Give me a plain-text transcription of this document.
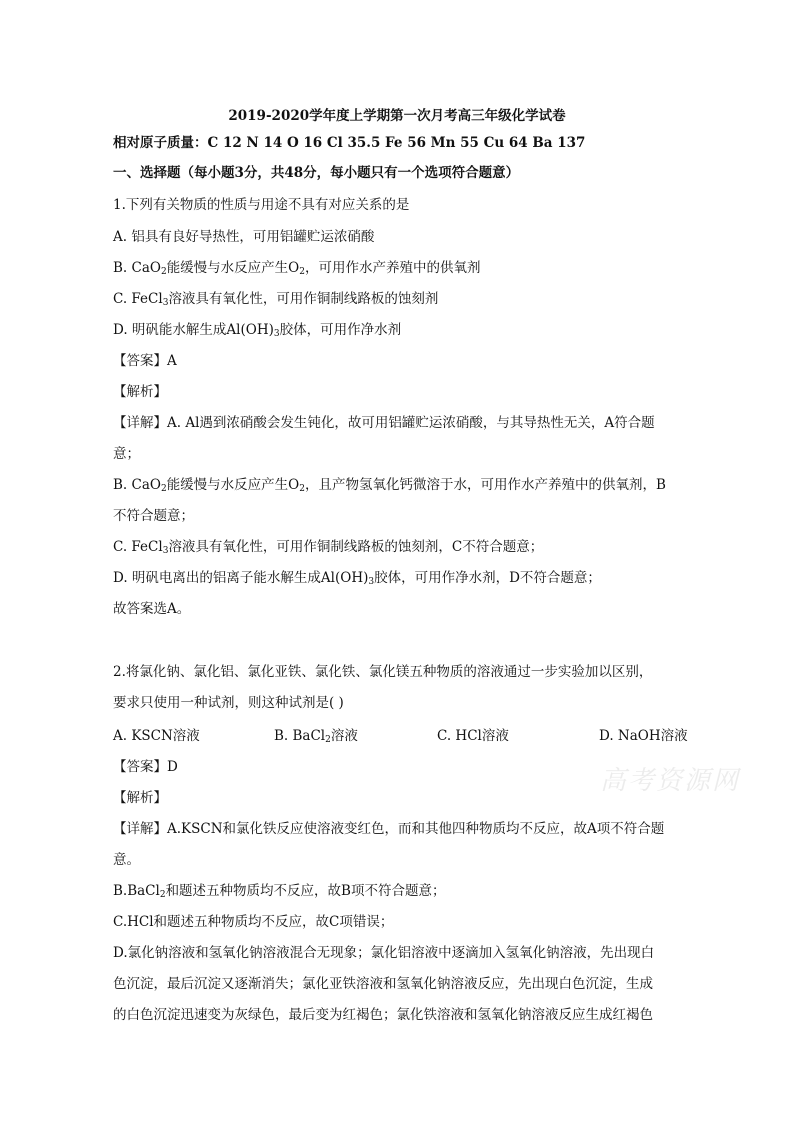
2019-2020学年度上学期第一次月考高三年级化学试卷
相对原子质量：C 12 N 14 O 16 Cl 35.5 Fe 56 Mn 55 Cu 64 Ba 137
一、选择题（每小题3分，共48分，每小题只有一个选项符合题意）
1.下列有关物质的性质与用途不具有对应关系的是
A. 铝具有良好导热性，可用铝罐贮运浓硝酸
B. CaO$_2$能缓慢与水反应产生$O_2$，可用作水产养殖中的供氧剂
C. FeCl$_3$溶液具有氧化性，可用作铜制线路板的蚀刻剂
D. 明矾能水解生成$Al(OH)_3$胶体，可用作净水剂
【答案】A
【解析】
【详解】A. Al遇到浓硝酸会发生钝化，故可用铝罐贮运浓硝酸，与其导热性无关，A符合题
意；
B. CaO$_2$能缓慢与水反应产生$O_2$，且产物氢氧化钙微溶于水，可用作水产养殖中的供氧剂，B
不符合题意；
C. FeCl$_3$溶液具有氧化性，可用作铜制线路板的蚀刻剂，C不符合题意；
D. 明矾电离出的铝离子能水解生成$Al(OH)_3$胶体，可用作净水剂，D不符合题意；
故答案选A。
2.将氯化钠、氯化铝、氯化亚铁、氯化铁、氯化镁五种物质的溶液通过一步实验加以区别，
要求只使用一种试剂，则这种试剂是( )
A. KSCN溶液	B. BaCl$_2$溶液	C. HCl溶液	D. NaOH溶液
【答案】D
【解析】
【详解】A.KSCN和氯化铁反应使溶液变红色，而和其他四种物质均不反应，故A项不符合题
意。
B.BaCl$_2$和题述五种物质均不反应，故B项不符合题意；
C.HCl和题述五种物质均不反应，故C项错误；
D.氯化钠溶液和氢氧化钠溶液混合无现象；氯化铝溶液中逐滴加入氢氧化钠溶液，先出现白
色沉淀，最后沉淀又逐渐消失；氯化亚铁溶液和氢氧化钠溶液反应，先出现白色沉淀，生成
的白色沉淀迅速变为灰绿色，最后变为红褐色；氯化铁溶液和氢氧化钠溶液反应生成红褐色
高考资源网
